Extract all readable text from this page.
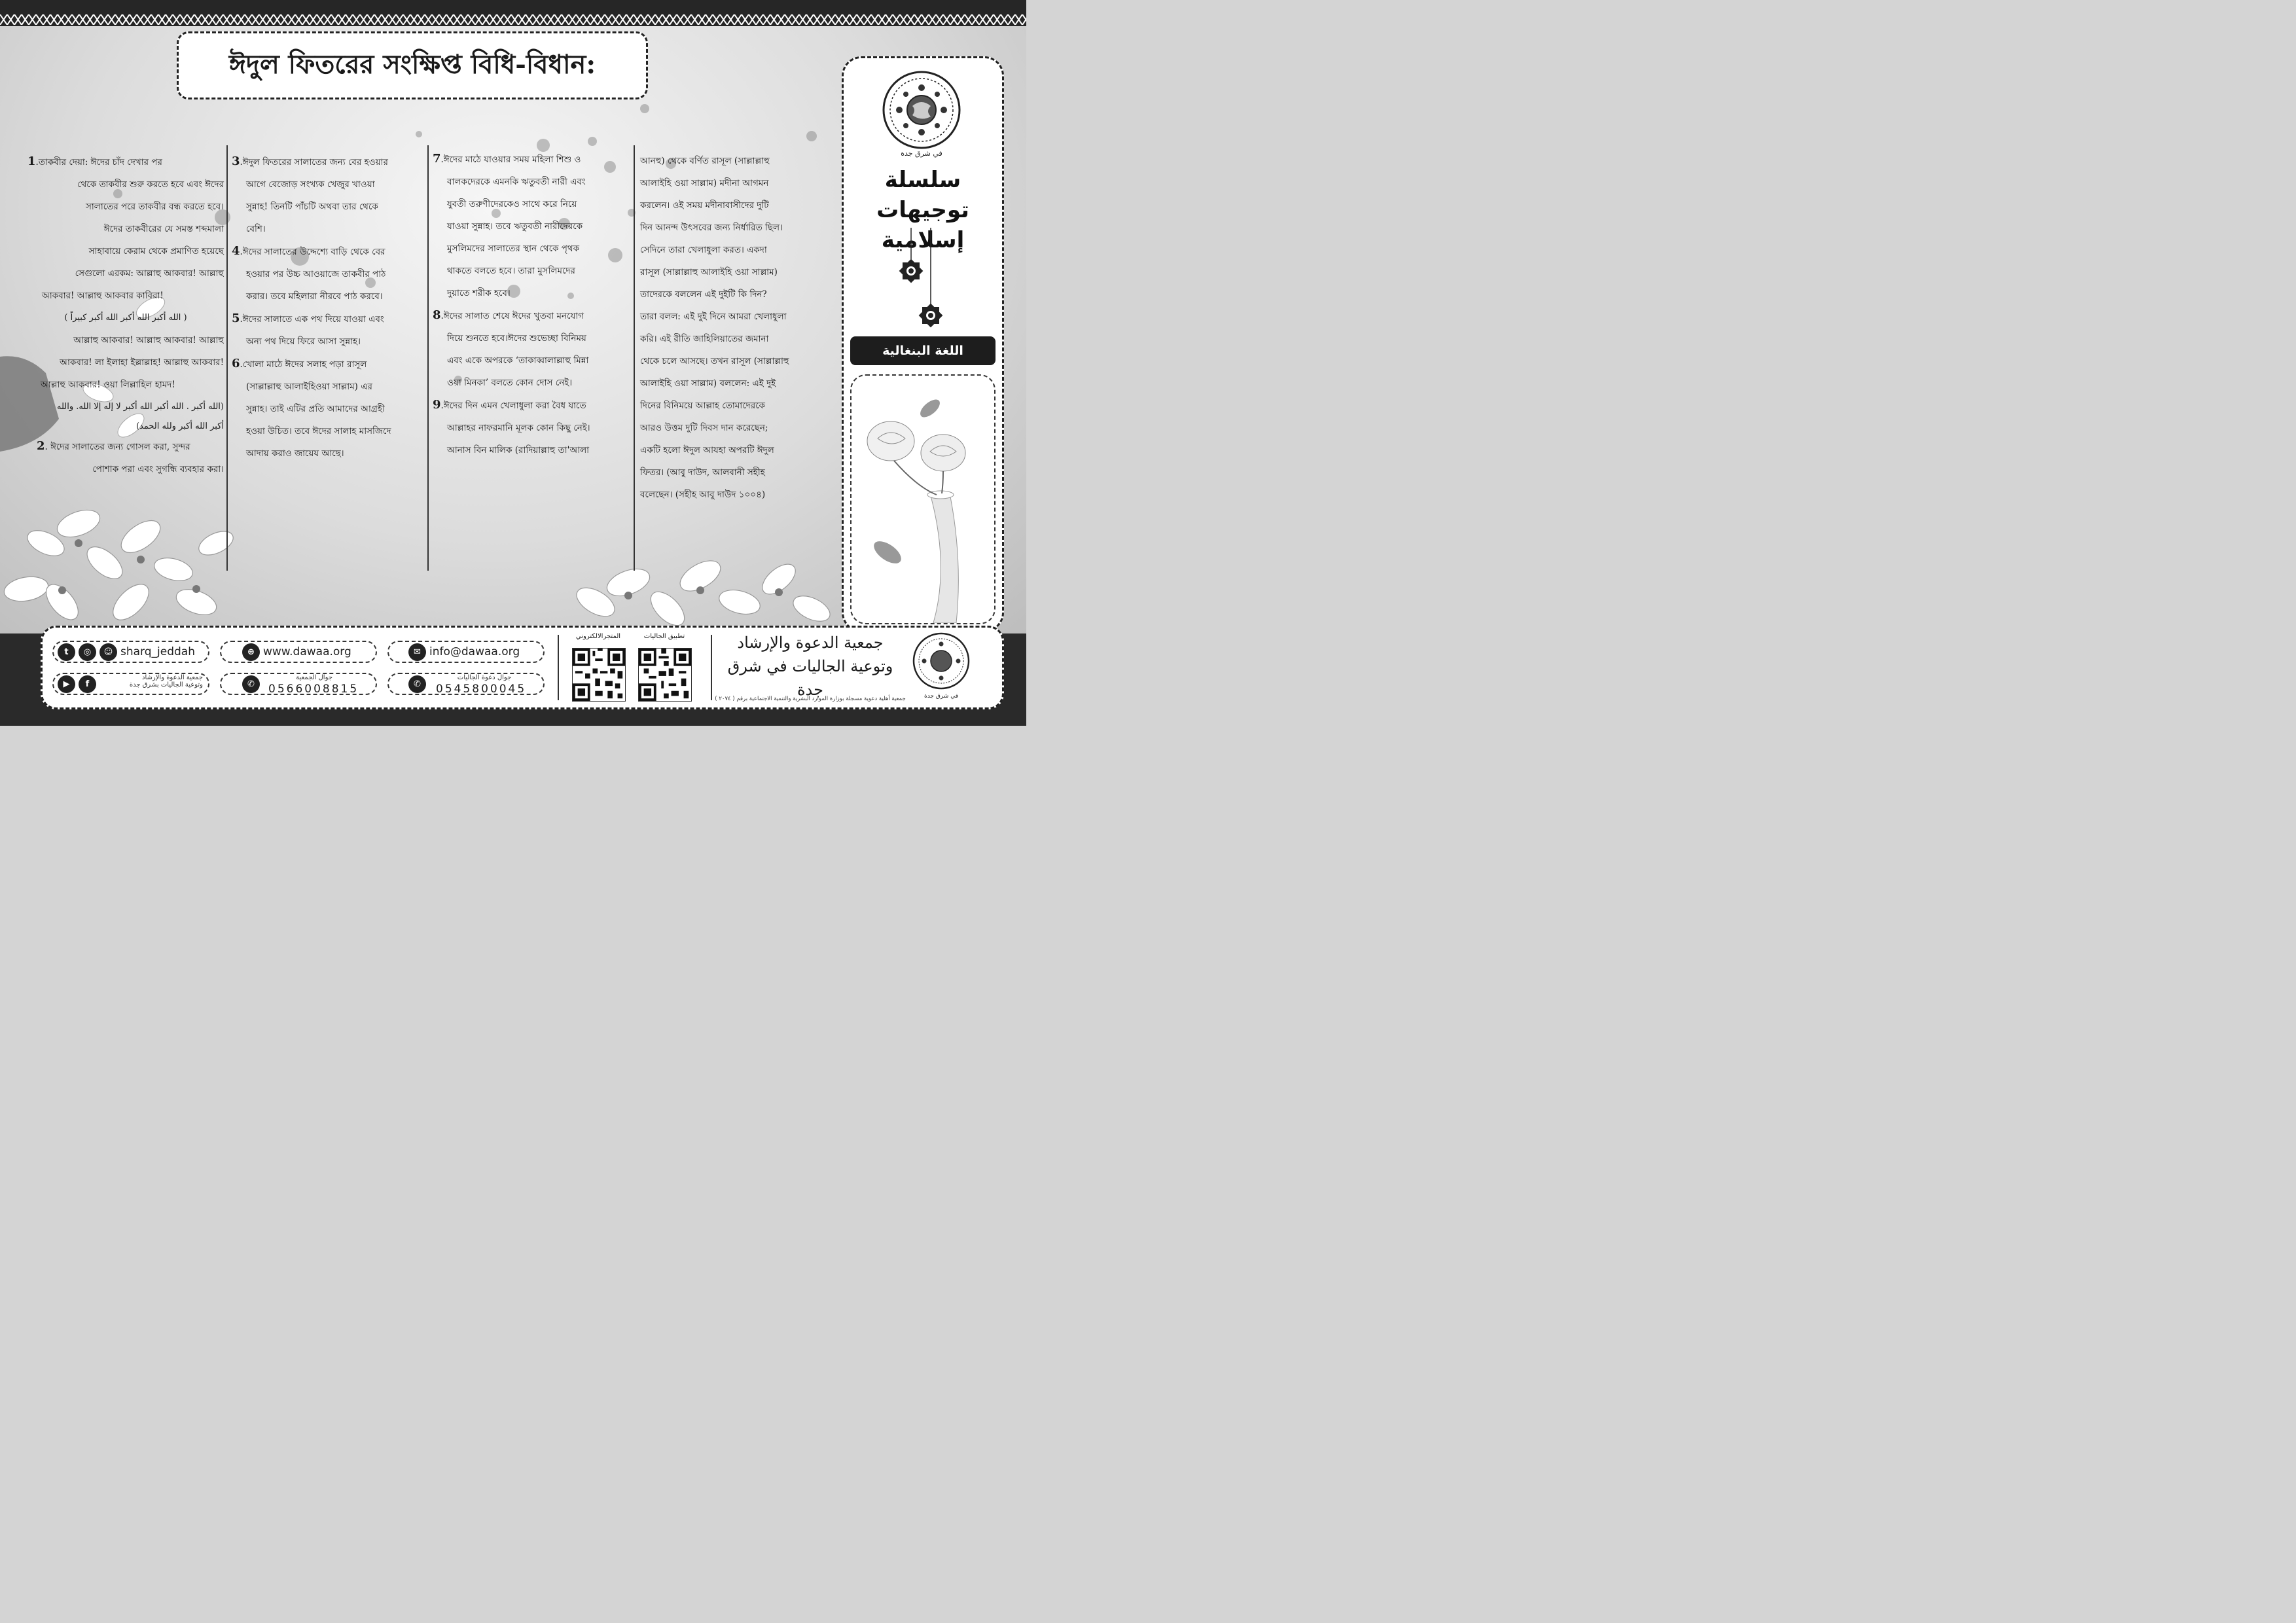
ঈদুল ফিতরের সংক্ষিপ্ত বিধি-বিধান:

1.তাকবীর দেয়া: ঈদের চাঁদ দেখার পর

থেকে তাকবীর শুরু করতে হবে এবং ঈদের

সালাতের পরে তাকবীর বন্ধ করতে হবে।

ঈদের তাকবীরের যে সমস্ত শব্দমালা

সাহাবায়ে কেরাম থেকে প্রমাণিত হয়েছে

সেগুলো এরকম: আল্লাহু আকবার! আল্লাহু

আকবার! আল্লাহু আকবার কাবিরা!

( الله أكبر الله أكبر الله أكبر كبيراً )

আল্লাহু আকবার! আল্লাহু আকবার! আল্লাহু

আকবার! লা ইলাহা ইল্লাল্লাহ! আল্লাহু আকবার!

আল্লাহু আকবার! ওয়া লিল্লাহিল হামদ!

(الله أكبر . الله أكبر الله أكبر لا إله إلا الله. والله

أكبر الله أكبر ولله الحمد)

2. ঈদের সালাতের জন্য গোসল করা, সুন্দর

পোশাক পরা এবং সুগন্ধি ব্যবহার করা।

3.ঈদুল ফিতরের সালাতের জন্য বের হওয়ার

আগে বেজোড় সংখ্যক খেজুর খাওয়া

সুন্নাহ! তিনটি পাঁচটি অথবা তার থেকে

বেশি।

4.ঈদের সালাতের উদ্দেশ্যে বাড়ি থেকে বের

হওয়ার পর উচ্চ আওয়াজে তাকবীর পাঠ

করার। তবে মহিলারা নীরবে পাঠ করবে।

5.ঈদের সালাতে এক পথ দিয়ে যাওয়া এবং

অন্য পথ দিয়ে ফিরে আসা সুন্নাহ।

6.খোলা মাঠে ঈদের সলাহ পড়া রাসূল

(সাল্লাল্লাহু আলাইহিওয়া সাল্লাম) এর

সুন্নাহ। তাই এটির প্রতি আমাদের আগ্রহী

হওয়া উচিত। তবে ঈদের সালাহ মাসজিদে

আদায় করাও জায়েয আছে।

7.ঈদের মাঠে যাওয়ার সময় মহিলা শিশু ও

বালকদেরকে এমনকি ঋতুবতী নারী এবং

যুবতী তরুণীদেরকেও সাথে করে নিয়ে

যাওয়া সুন্নাহ। তবে ঋতুবতী নারীদেরকে

মুসলিমদের সালাতের স্থান থেকে পৃথক

থাকতে বলতে হবে। তারা মুসলিমদের

দুয়াতে শরীক হবে।

8.ঈদের সালাত শেষে ঈদের খুতবা মনযোগ

দিয়ে শুনতে হবে।ঈদের শুভেচ্ছা বিনিময়

এবং একে অপরকে ‘তাকাব্বালাল্লাহু মিন্না

ওয়া মিনকা’ বলতে কোন দোস নেই।

9.ঈদের দিন এমন খেলাধুলা করা বৈধ যাতে

আল্লাহর নাফরমানি মূলক কোন কিছু নেই।

আনাস বিন মালিক (রাদিয়াল্লাহু তা'আলা

আনহু) থেকে বর্ণিত রাসূল (সাল্লাল্লাহু

আলাইহি ওয়া সাল্লাম) মদীনা আগমন

করলেন। ওই সময় মদীনাবাসীদের দুটি

দিন আনন্দ উৎসবের জন্য নির্ধারিত ছিল।

সেদিনে তারা খেলাধুলা করত। একদা

রাসূল (সাল্লাল্লাহু আলাইহি ওয়া সাল্লাম)

তাদেরকে বললেন এই দুইটি কি দিন?

তারা বলল: এই দুই দিনে আমরা খেলাধুলা

করি। এই রীতি জাহিলিয়াতের জমানা

থেকে চলে আসছে। তখন রাসূল (সাল্লাল্লাহু

আলাইহি ওয়া সাল্লাম) বললেন: এই দুই

দিনের বিনিময়ে আল্লাহ তোমাদেরকে

আরও উত্তম দুটি দিবস দান করেছেন;

একটি হলো ঈদুল আযহা অপরটি ঈদুল

ফিতর। (আবু দাউদ, আলবানী সহীহ

বলেছেন। (সহীহ আবু দাউদ ১০০৪)

في شرق جدة
سلسلة
توجيهات إسلامية
اللغة البنغالية
t	◎	☺ sharq_jeddah	⊕ www.dawaa.org	✉ info@dawaa.org
▶	f
جمعية الدعوة والإرشاد
وتوعية الجاليات بشرق جدة	✆
جوال الجمعية
0566008815	✆
جوال دعوة الجاليات
0545800045
المتجرالالكتروني	تطبيق الجاليات	جمعية الدعوة والإرشاد
وتوعية الجاليات في شرق جدة
جمعية أهلية دعوية مسجلة بوزارة الموارد البشرية والتنمية الاجتماعية برقم ( ٢٠٧٤ )	في شرق جدة
